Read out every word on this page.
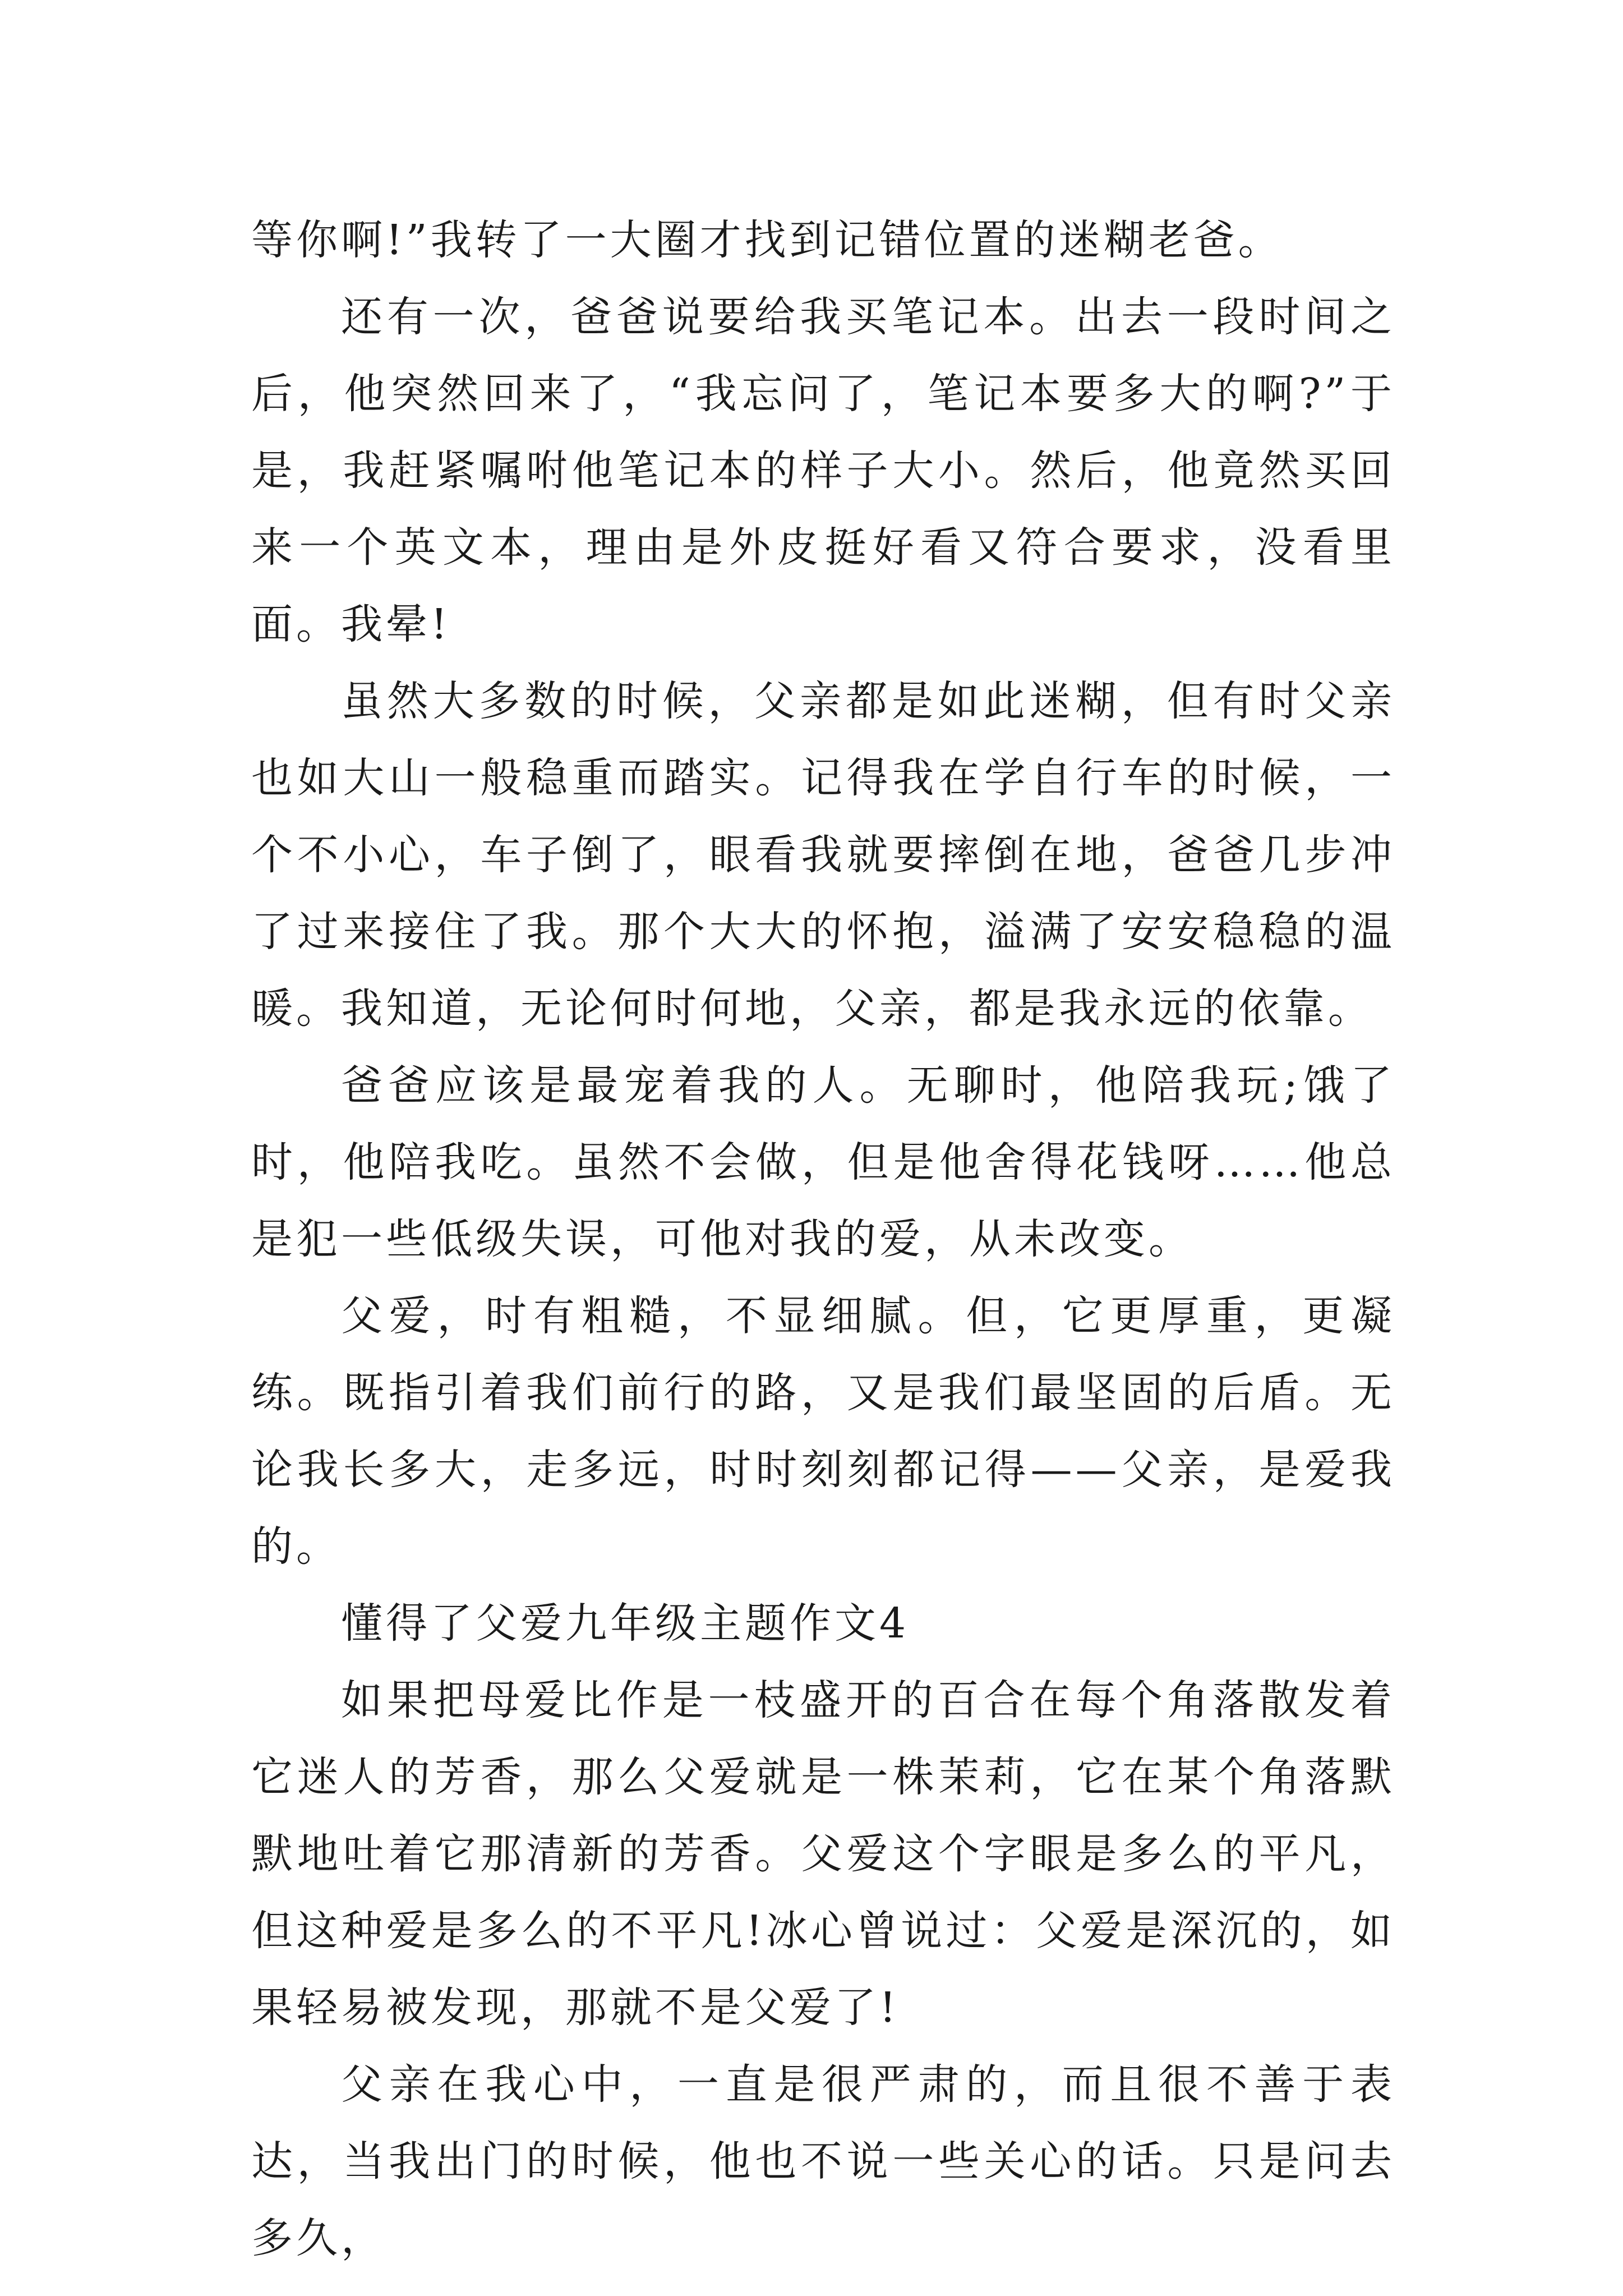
等你啊!”我转了一大圈才找到记错位置的迷糊老爸。

还有一次，爸爸说要给我买笔记本。出去一段时间之后，他突然回来了，“我忘问了，笔记本要多大的啊?”于是，我赶紧嘱咐他笔记本的样子大小。然后，他竟然买回来一个英文本，理由是外皮挺好看又符合要求，没看里面。我晕!

虽然大多数的时候，父亲都是如此迷糊，但有时父亲也如大山一般稳重而踏实。记得我在学自行车的时候，一个不小心，车子倒了，眼看我就要摔倒在地，爸爸几步冲了过来接住了我。那个大大的怀抱，溢满了安安稳稳的温暖。我知道，无论何时何地，父亲，都是我永远的依靠。

爸爸应该是最宠着我的人。无聊时，他陪我玩;饿了时，他陪我吃。虽然不会做，但是他舍得花钱呀……他总是犯一些低级失误，可他对我的爱，从未改变。

父爱，时有粗糙，不显细腻。但，它更厚重，更凝练。既指引着我们前行的路，又是我们最坚固的后盾。无论我长多大，走多远，时时刻刻都记得——父亲，是爱我的。

懂得了父爱九年级主题作文4

如果把母爱比作是一枝盛开的百合在每个角落散发着它迷人的芳香，那么父爱就是一株茉莉，它在某个角落默默地吐着它那清新的芳香。父爱这个字眼是多么的平凡，但这种爱是多么的不平凡!冰心曾说过：父爱是深沉的，如果轻易被发现，那就不是父爱了!

父亲在我心中，一直是很严肃的，而且很不善于表达，当我出门的时候，他也不说一些关心的话。只是问去多久，
